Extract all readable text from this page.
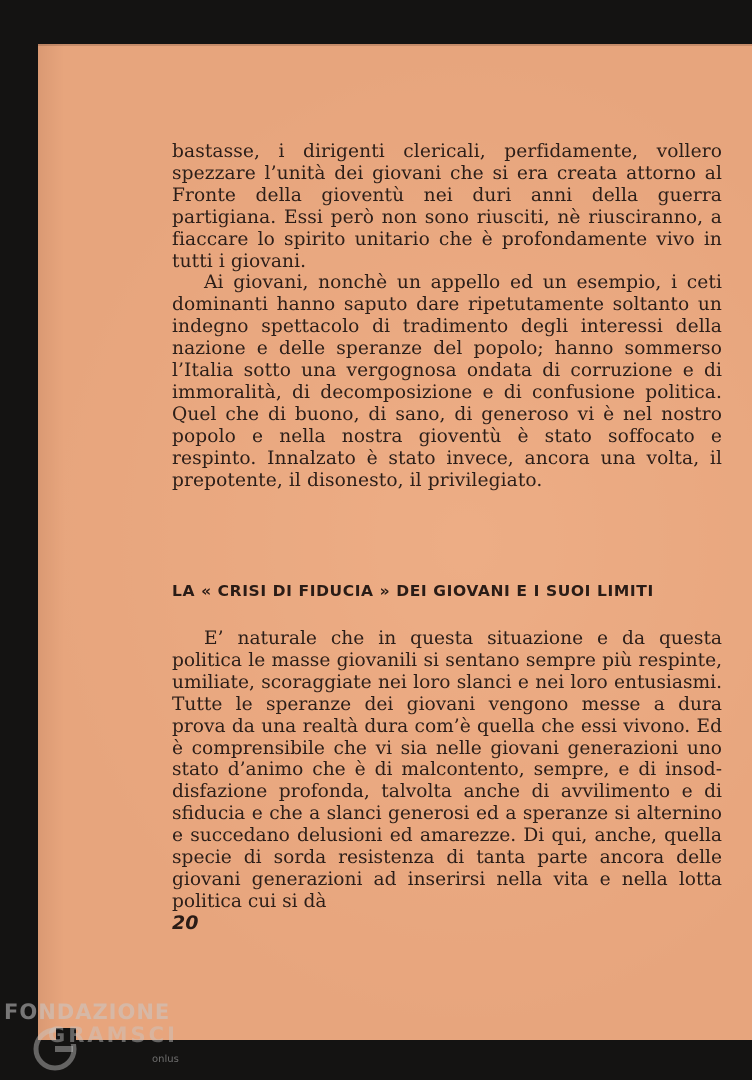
bastasse, i dirigenti clericali, perfidamente, vollero spezzare l’unità dei giovani che si era creata attorno al Fronte della gioventù nei duri anni della guerra partigiana. Essi però non sono riusciti, nè riusciranno, a fiaccare lo spirito unitario che è profondamente vivo in tutti i giovani.

Ai giovani, nonchè un appello ed un esempio, i ceti dominanti hanno saputo dare ripetutamente soltanto un indegno spettacolo di tradimento degli interessi della nazione e delle speranze del popolo; hanno sommerso l’Italia sotto una vergognosa ondata di corruzione e di immoralità, di decomposizione e di confusione politica. Quel che di buono, di sano, di generoso vi è nel nostro popolo e nella nostra gioventù è stato soffocato e respinto. Innalzato è stato invece, ancora una volta, il prepotente, il disonesto, il privilegiato.

LA « CRISI DI FIDUCIA » DEI GIOVANI E I SUOI LIMITI

E’ naturale che in questa situazione e da questa politica le masse giovanili si sentano sempre più respinte, umiliate, scoraggiate nei loro slanci e nei loro entusiasmi. Tutte le speranze dei giovani vengono messe a dura prova da una realtà dura com’è quella che essi vivono. Ed è comprensibile che vi sia nelle giovani generazioni uno stato d’animo che è di malcontento, sempre, e di insoddisfazione profonda, talvolta anche di avvilimento e di sfiducia e che a slanci generosi ed a speranze si alternino e succedano delusioni ed amarezze. Di qui, anche, quella specie di sorda resistenza di tanta parte ancora delle giovani generazioni ad inserirsi nella vita e nella lotta politica cui si dà

20
FONDAZIONE
GRAMSCI
onlus
